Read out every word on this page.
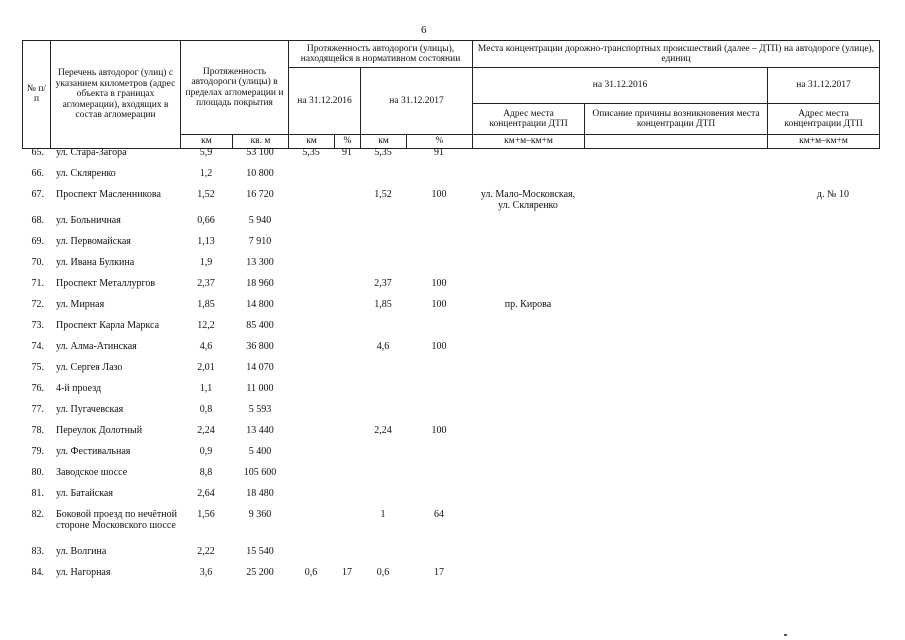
6
№ п/п	Перечень автодорог (улиц) с указанием километров (адрес объекта в границах агломерации), входящих в состав агломерации	Протяженность автодороги (улицы) в пределах агломерации и площадь покрытия		Протяженность автодороги (улицы), находящейся в нормативном состоянии				Места концентрации дорожно-транспортных происшествий (далее – ДТП) на автодороге (улице), единиц		
				на 31.12.2016		на 31.12.2017		на 31.12.2016		на 31.12.2017
								Адрес места концентрации ДТП	Описание причины возникновения места концентрации ДТП	Адрес места концентрации ДТП
		км	кв. м	км	%	км	%	км+м–км+м		км+м–км+м
65.	ул. Стара-Загора	5,9	53 100	5,35	91	5,35	91			
66.	ул. Скляренко	1,2	10 800							
67.	Проспект Масленникова	1,52	16 720			1,52	100	ул. Мало-Московская, ул. Скляренко		д. № 10
68.	ул. Больничная	0,66	5 940							
69.	ул. Первомайская	1,13	7 910							
70.	ул. Ивана Булкина	1,9	13 300							
71.	Проспект Металлургов	2,37	18 960			2,37	100			
72.	ул. Мирная	1,85	14 800			1,85	100	пр. Кирова		
73.	Проспект Карла Маркса	12,2	85 400							
74.	ул. Алма-Атинская	4,6	36 800			4,6	100			
75.	ул. Сергея Лазо	2,01	14 070							
76.	4-й проезд	1,1	11 000							
77.	ул. Пугачевская	0,8	5 593							
78.	Переулок Долотный	2,24	13 440			2,24	100			
79.	ул. Фестивальная	0,9	5 400							
80.	Заводское шоссе	8,8	105 600							
81.	ул. Батайская	2,64	18 480							
82.	Боковой проезд по нечётной стороне Московского шоссе	1,56	9 360			1	64			
83.	ул. Волгина	2,22	15 540							
84.	ул. Нагорная	3,6	25 200	0,6	17	0,6	17			
